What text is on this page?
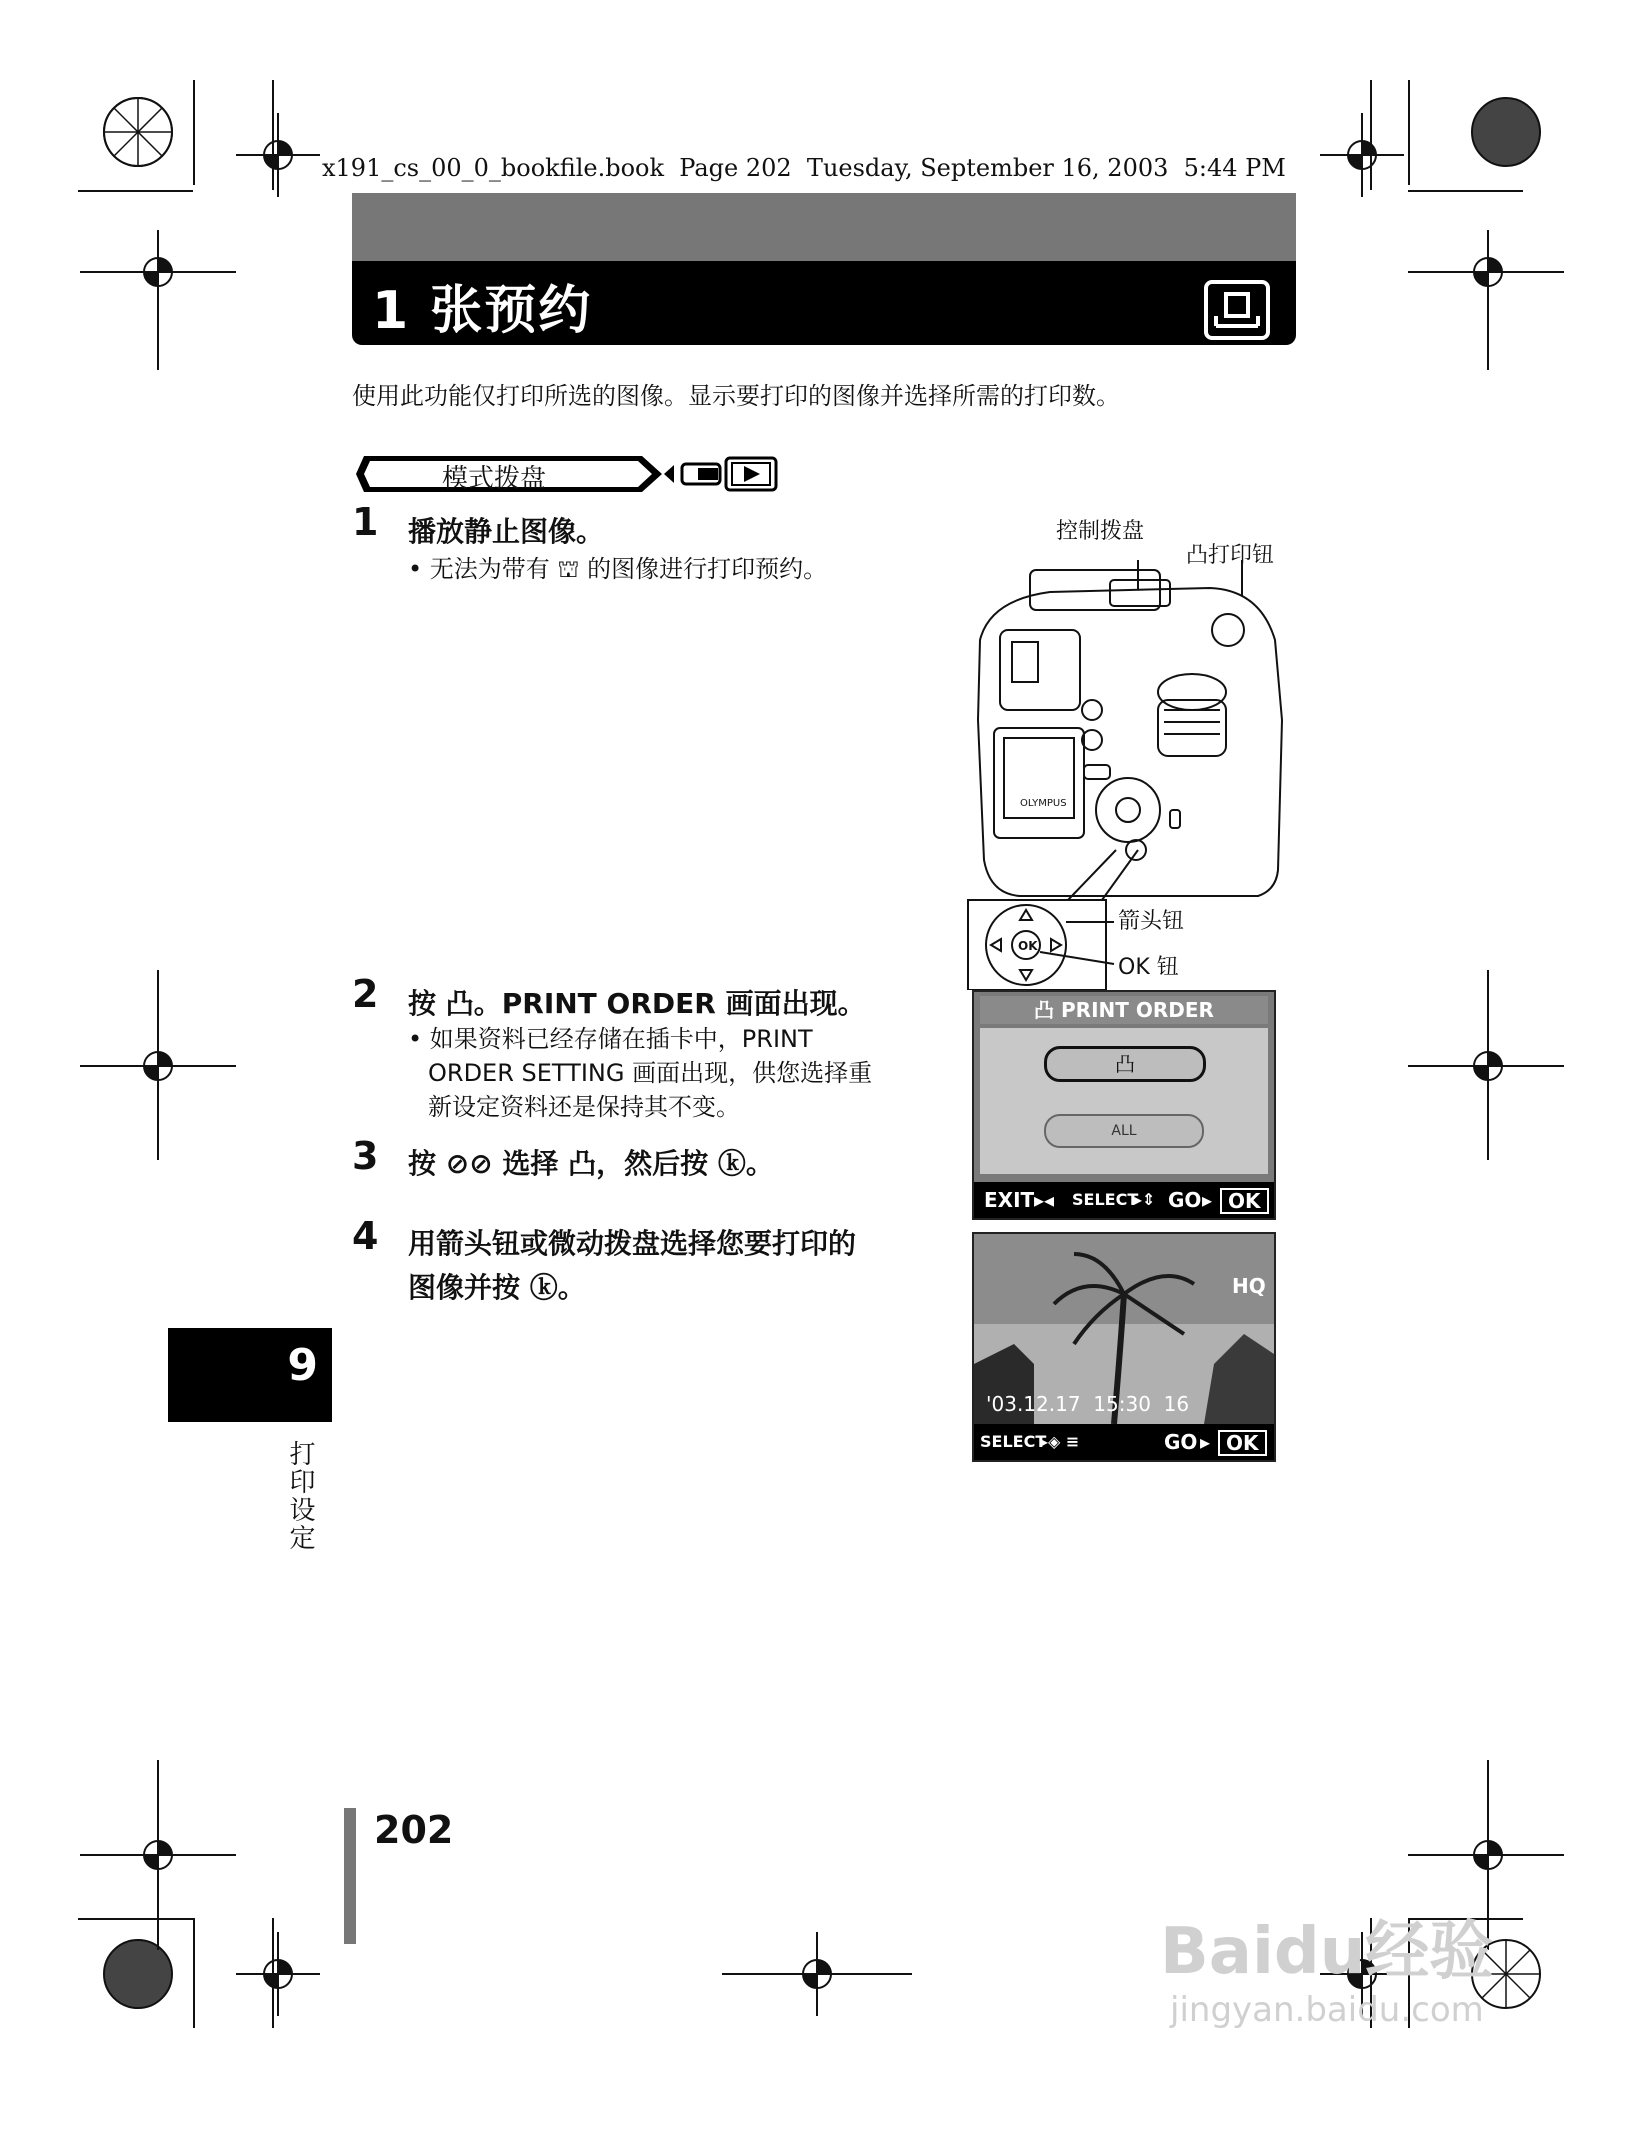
x191_cs_00_0_bookfile.book  Page 202  Tuesday, September 16, 2003  5:44 PM
1 张预约
使用此功能仅打印所选的图像。显示要打印的图像并选择所需的打印数。
模式拨盘
1 播放静止图像。
• 无法为带有 ⛫ 的图像进行打印预约。
控制拨盘
凸打印钮
OLYMPUS
OK
箭头钮
OK 钮
2 按 凸。PRINT ORDER 画面出现。
• 如果资料已经存储在插卡中，PRINT
ORDER SETTING 画面出现，供您选择重
新设定资料还是保持其不变。
3 按 ⊘⊘ 选择 凸，然后按 ⓚ。
4 用箭头钮或微动拨盘选择您要打印的
图像并按 ⓚ。
凸 PRINT ORDER
凸
ALL
EXIT ▸◂ SELECT
▸⇕ GO ▸ OK
HQ
'03.12.17  15:30  16
SELECT
▸◈ ≡	GO ▸ OK
9
打印设定
202
Baidu经验
jingyan.baidu.com
